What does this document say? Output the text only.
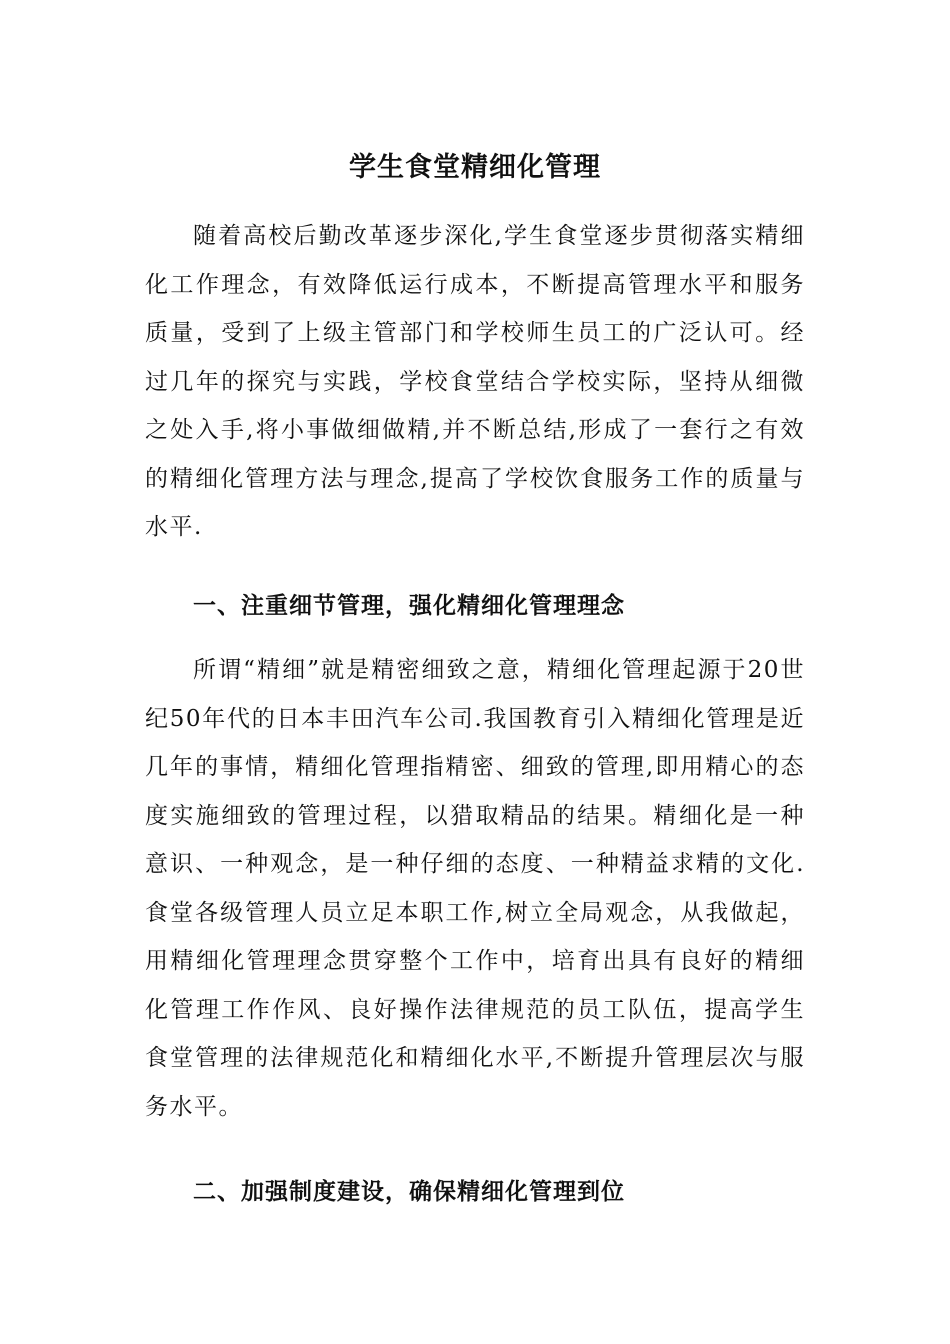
学生食堂精细化管理

随着高校后勤改革逐步深化,学生食堂逐步贯彻落实精细化工作理念，有效降低运行成本，不断提高管理水平和服务质量，受到了上级主管部门和学校师生员工的广泛认可。经过几年的探究与实践，学校食堂结合学校实际，坚持从细微之处入手,将小事做细做精,并不断总结,形成了一套行之有效的精细化管理方法与理念,提高了学校饮食服务工作的质量与水平.

一、注重细节管理，强化精细化管理理念

所谓“精细”就是精密细致之意，精细化管理起源于20世纪50年代的日本丰田汽车公司.我国教育引入精细化管理是近几年的事情，精细化管理指精密、细致的管理,即用精心的态度实施细致的管理过程，以猎取精品的结果。精细化是一种意识、一种观念，是一种仔细的态度、一种精益求精的文化.食堂各级管理人员立足本职工作,树立全局观念，从我做起，用精细化管理理念贯穿整个工作中，培育出具有良好的精细化管理工作作风、良好操作法律规范的员工队伍，提高学生食堂管理的法律规范化和精细化水平,不断提升管理层次与服务水平。

二、加强制度建设，确保精细化管理到位
